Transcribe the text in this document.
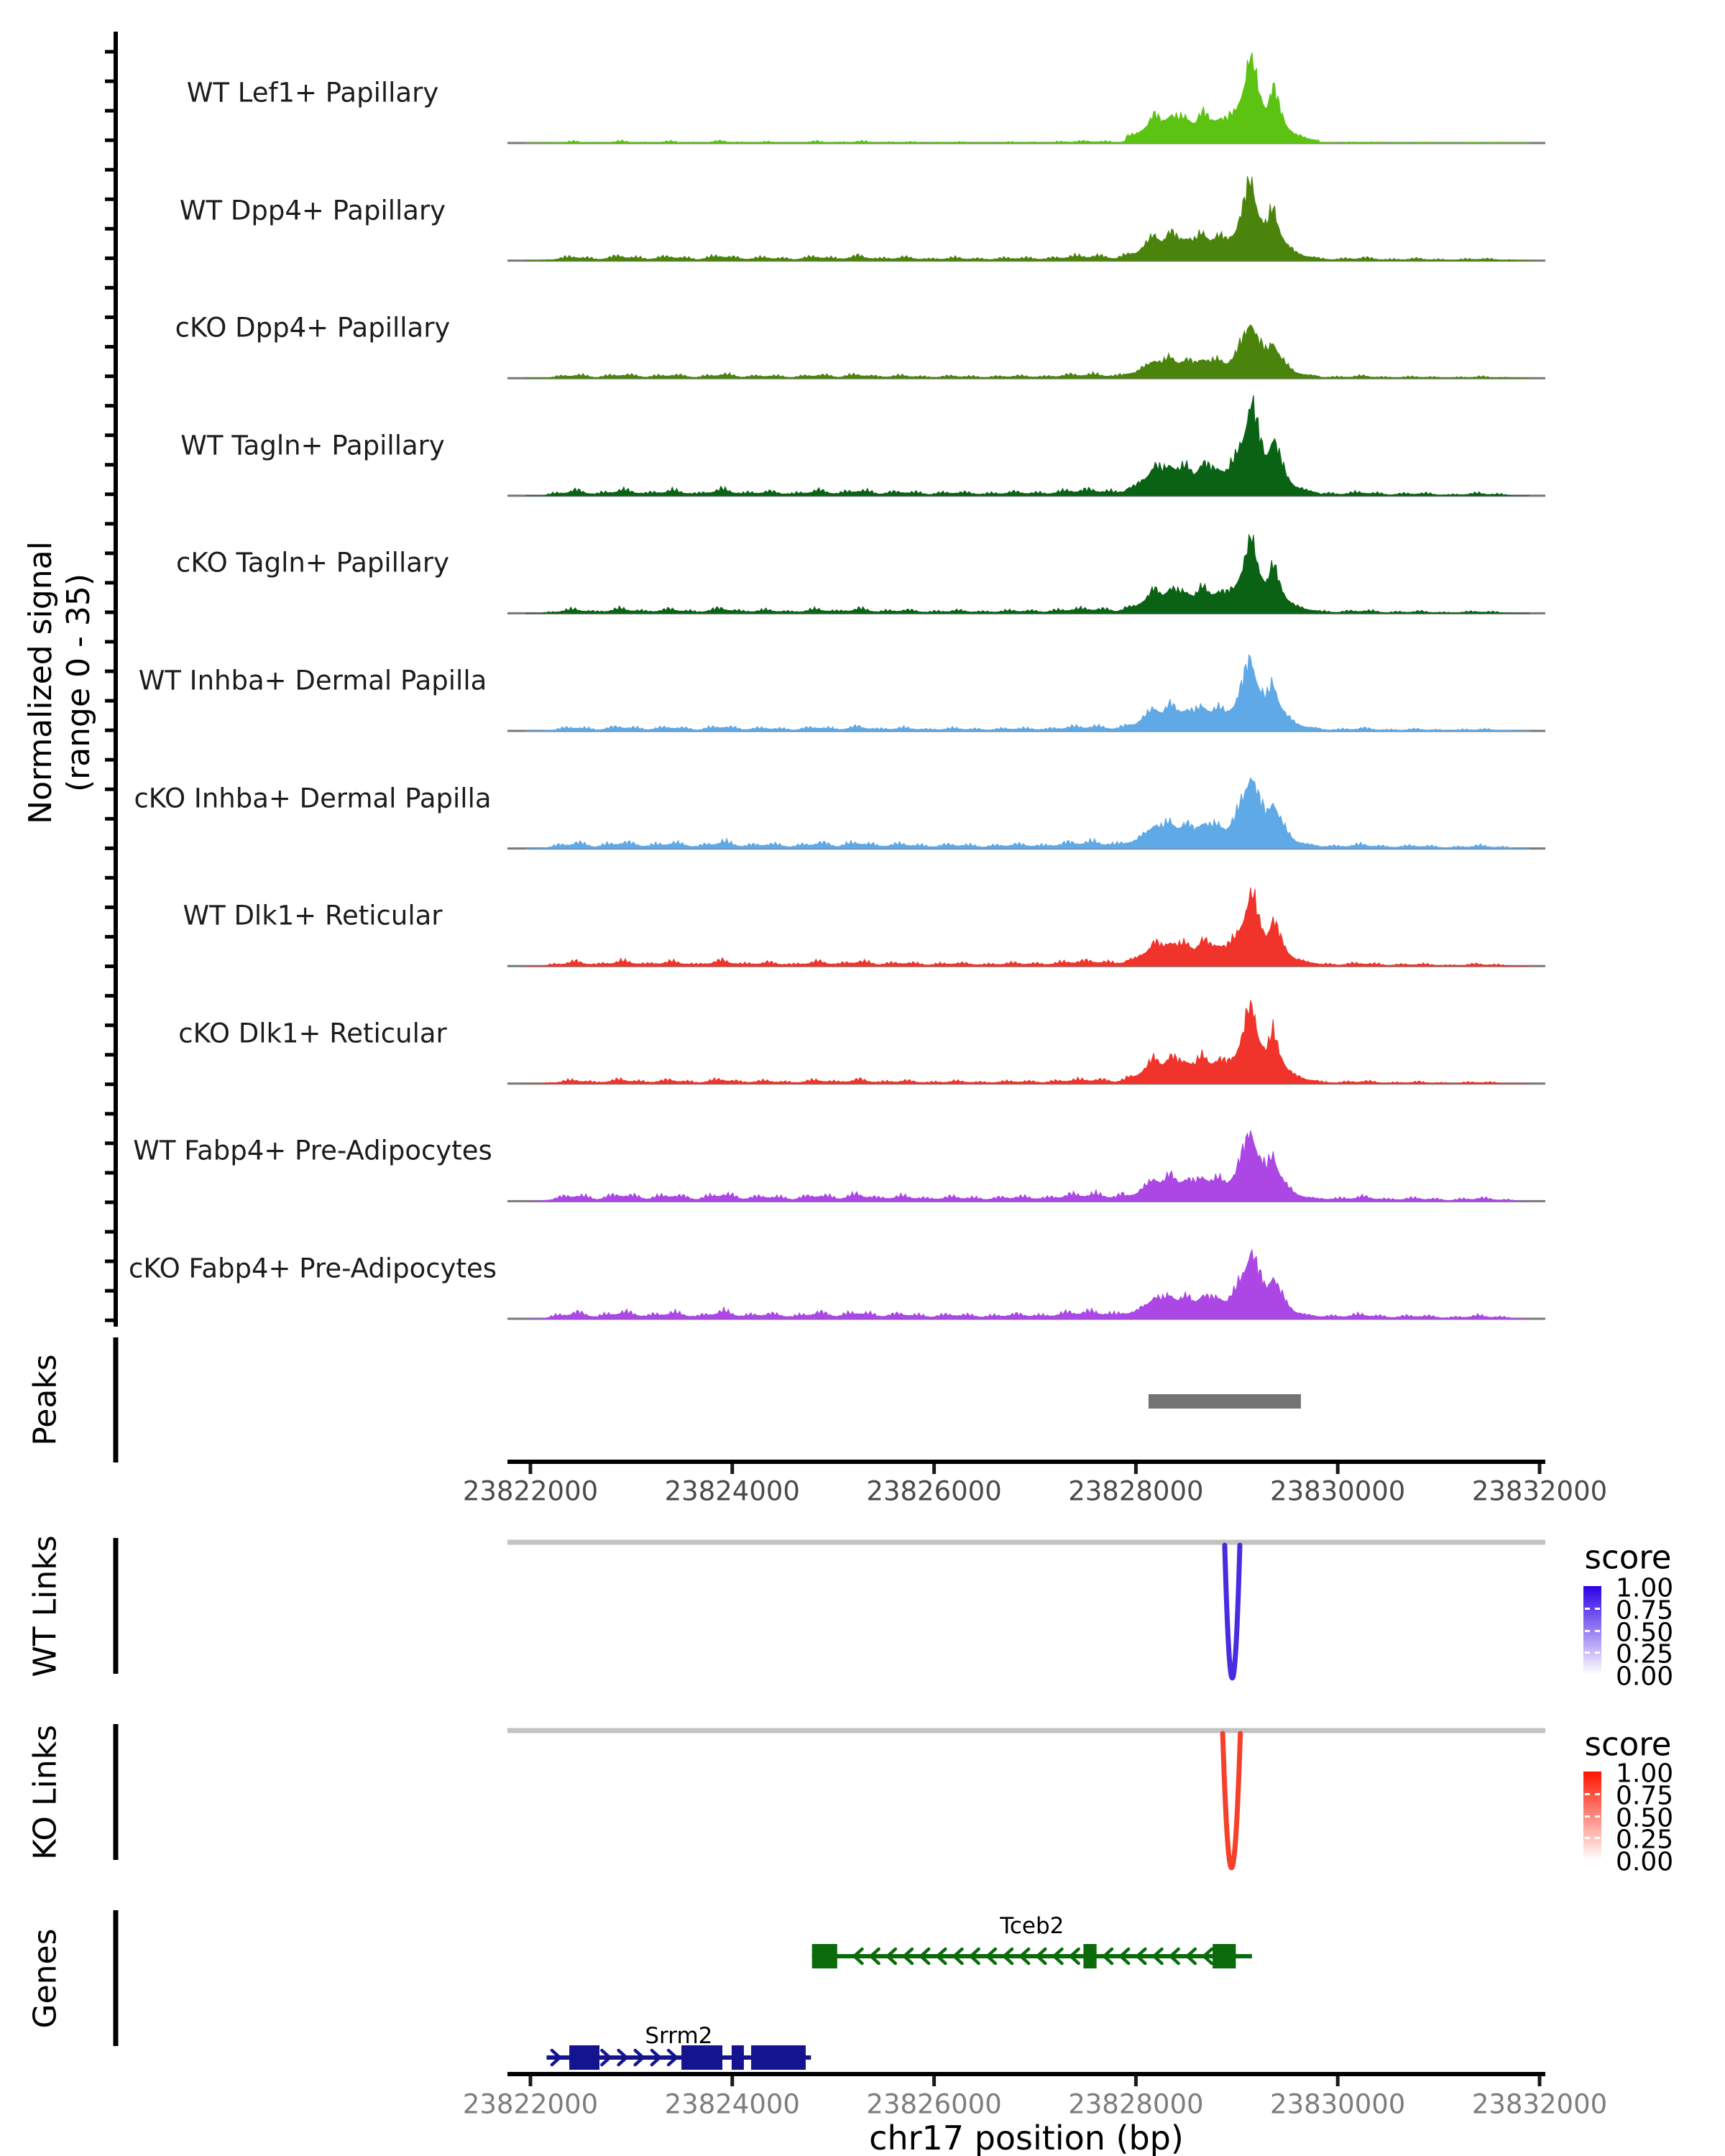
Normalized signal (range 0 - 35)
Peaks
WT Links
KO Links
Genes
chr17 position (bp)
score
1.00
0.75
0.50
0.25
0.00
score
1.00
0.75
0.50
0.25
0.00
WT Lef1+ Papillary
WT Dpp4+ Papillary
cKO Dpp4+ Papillary
WT Tagln+ Papillary
cKO Tagln+ Papillary
WT Inhba+ Dermal Papilla
cKO Inhba+ Dermal Papilla
WT Dlk1+ Reticular
cKO Dlk1+ Reticular
WT Fabp4+ Pre-Adipocytes
cKO Fabp4+ Pre-Adipocytes
23822000 23824000 23826000 23828000 23830000 23832000
23822000 23824000 23826000 23828000 23830000 23832000
Tceb2
Srrm2
